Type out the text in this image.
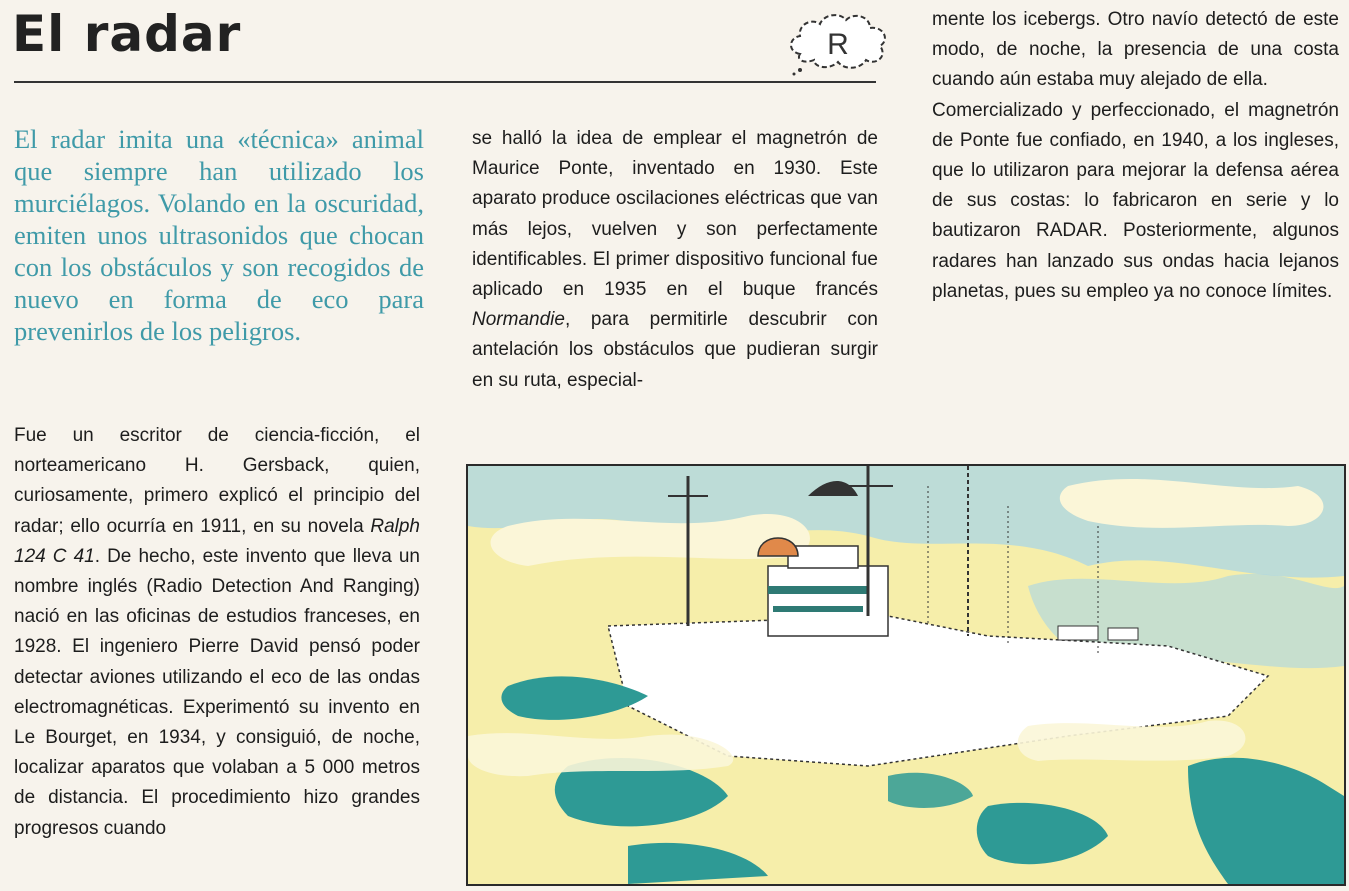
El radar	R

El radar imita una «técnica» animal que siempre han utilizado los murciélagos. Volando en la oscuridad, emiten unos ultrasonidos que chocan con los obstáculos y son recogidos de nuevo en forma de eco para prevenirlos de los peligros.

Fue un escritor de ciencia-ficción, el norteamericano H. Gersback, quien, curiosamente, primero explicó el principio del radar; ello ocurría en 1911, en su novela Ralph 124 C 41. De hecho, este invento que lleva un nombre inglés (Radio Detection And Ranging) nació en las oficinas de estudios franceses, en 1928. El ingeniero Pierre David pensó poder detectar aviones utilizando el eco de las ondas electromagnéticas. Experimentó su invento en Le Bourget, en 1934, y consiguió, de noche, localizar aparatos que volaban a 5 000 metros de distancia. El procedimiento hizo grandes progresos cuando

se halló la idea de emplear el magnetrón de Maurice Ponte, inventado en 1930. Este aparato produce oscilaciones eléctricas que van más lejos, vuelven y son perfectamente identificables. El primer dispositivo funcional fue aplicado en 1935 en el buque francés Normandie, para permitirle descubrir con antelación los obstáculos que pudieran surgir en su ruta, especial-

mente los icebergs. Otro navío detectó de este modo, de noche, la presencia de una costa cuando aún estaba muy alejado de ella.

Comercializado y perfeccionado, el magnetrón de Ponte fue confiado, en 1940, a los ingleses, que lo utilizaron para mejorar la defensa aérea de sus costas: lo fabricaron en serie y lo bautizaron RADAR. Posteriormente, algunos radares han lanzado sus ondas hacia lejanos planetas, pues su empleo ya no conoce límites.
